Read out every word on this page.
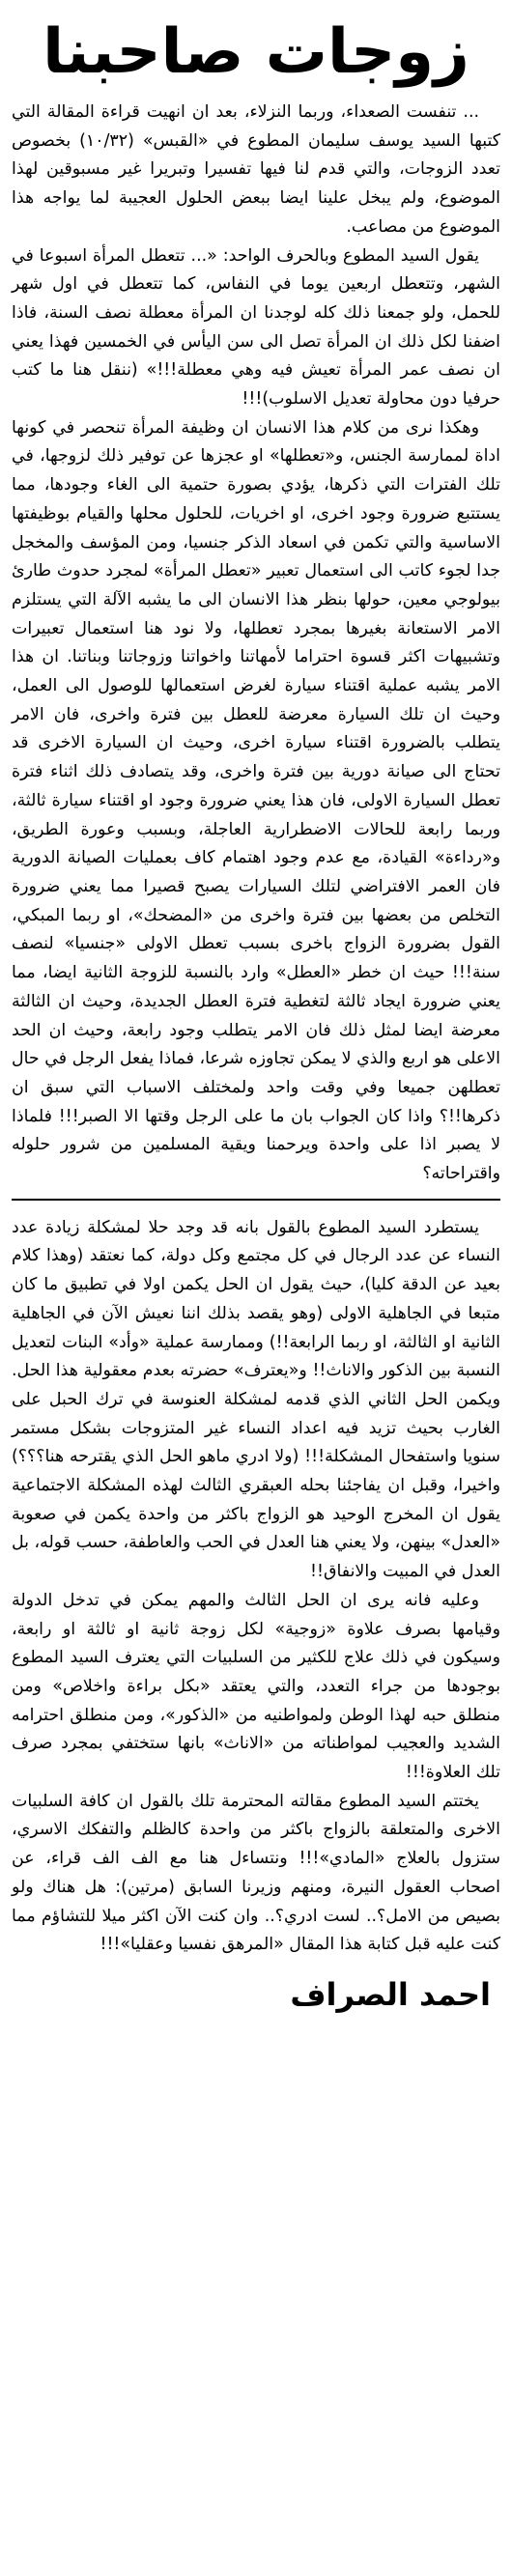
زوجات صاحبنا

... تنفست الصعداء، وربما النزلاء، بعد ان انهيت قراءة المقالة التي كتبها السيد يوسف سليمان المطوع في «القبس» (١٠/٣٢) بخصوص تعدد الزوجات، والتي قدم لنا فيها تفسيرا وتبريرا غير مسبوقين لهذا الموضوع، ولم يبخل علينا ايضا ببعض الحلول العجيبة لما يواجه هذا الموضوع من مصاعب.

يقول السيد المطوع وبالحرف الواحد: «... تتعطل المرأة اسبوعا في الشهر، وتتعطل اربعين يوما في النفاس، كما تتعطل في اول شهر للحمل، ولو جمعنا ذلك كله لوجدنا ان المرأة معطلة نصف السنة، فاذا اضفنا لكل ذلك ان المرأة تصل الى سن اليأس في الخمسين فهذا يعني ان نصف عمر المرأة تعيش فيه وهي معطلة!!!» (ننقل هنا ما كتب حرفيا دون محاولة تعديل الاسلوب)!!!

وهكذا نرى من كلام هذا الانسان ان وظيفة المرأة تنحصر في كونها اداة لممارسة الجنس، و«تعطلها» او عجزها عن توفير ذلك لزوجها، في تلك الفترات التي ذكرها، يؤدي بصورة حتمية الى الغاء وجودها، مما يستتبع ضرورة وجود اخرى، او اخريات، للحلول محلها والقيام بوظيفتها الاساسية والتي تكمن في اسعاد الذكر جنسيا، ومن المؤسف والمخجل جدا لجوء كاتب الى استعمال تعبير «تعطل المرأة» لمجرد حدوث طارئ بيولوجي معين، حولها بنظر هذا الانسان الى ما يشبه الآلة التي يستلزم الامر الاستعانة بغيرها بمجرد تعطلها، ولا نود هنا استعمال تعبيرات وتشبيهات اكثر قسوة احتراما لأمهاتنا واخواتنا وزوجاتنا وبناتنا. ان هذا الامر يشبه عملية اقتناء سيارة لغرض استعمالها للوصول الى العمل، وحيث ان تلك السيارة معرضة للعطل بين فترة واخرى، فان الامر يتطلب بالضرورة اقتناء سيارة اخرى، وحيث ان السيارة الاخرى قد تحتاج الى صيانة دورية بين فترة واخرى، وقد يتصادف ذلك اثناء فترة تعطل السيارة الاولى، فان هذا يعني ضرورة وجود او اقتناء سيارة ثالثة، وربما رابعة للحالات الاضطرارية العاجلة، وبسبب وعورة الطريق، و«رداءة» القيادة، مع عدم وجود اهتمام كاف بعمليات الصيانة الدورية فان العمر الافتراضي لتلك السيارات يصبح قصيرا مما يعني ضرورة التخلص من بعضها بين فترة واخرى من «المضحك»، او ربما المبكي، القول بضرورة الزواج باخرى بسبب تعطل الاولى «جنسيا» لنصف سنة!!! حيث ان خطر «العطل» وارد بالنسبة للزوجة الثانية ايضا، مما يعني ضرورة ايجاد ثالثة لتغطية فترة العطل الجديدة، وحيث ان الثالثة معرضة ايضا لمثل ذلك فان الامر يتطلب وجود رابعة، وحيث ان الحد الاعلى هو اربع والذي لا يمكن تجاوزه شرعا، فماذا يفعل الرجل في حال تعطلهن جميعا وفي وقت واحد ولمختلف الاسباب التي سبق ان ذكرها!!؟ واذا كان الجواب بان ما على الرجل وقتها الا الصبر!!! فلماذا لا يصبر اذا على واحدة ويرحمنا ويقية المسلمين من شرور حلوله واقتراحاته؟

يستطرد السيد المطوع بالقول بانه قد وجد حلا لمشكلة زيادة عدد النساء عن عدد الرجال في كل مجتمع وكل دولة، كما نعتقد (وهذا كلام بعيد عن الدقة كليا)، حيث يقول ان الحل يكمن اولا في تطبيق ما كان متبعا في الجاهلية الاولى (وهو يقصد بذلك اننا نعيش الآن في الجاهلية الثانية او الثالثة، او ربما الرابعة!!) وممارسة عملية «وأد» البنات لتعديل النسبة بين الذكور والاناث!! و«يعترف» حضرته بعدم معقولية هذا الحل. ويكمن الحل الثاني الذي قدمه لمشكلة العنوسة في ترك الحبل على الغارب بحيث تزيد فيه اعداد النساء غير المتزوجات بشكل مستمر سنويا واستفحال المشكلة!!! (ولا ادري ماهو الحل الذي يقترحه هنا؟؟؟) واخيرا، وقبل ان يفاجئنا بحله العبقري الثالث لهذه المشكلة الاجتماعية يقول ان المخرج الوحيد هو الزواج باكثر من واحدة يكمن في صعوبة «العدل» بينهن، ولا يعني هنا العدل في الحب والعاطفة، حسب قوله، بل العدل في المبيت والانفاق!!

وعليه فانه يرى ان الحل الثالث والمهم يمكن في تدخل الدولة وقيامها بصرف علاوة «زوجية» لكل زوجة ثانية او ثالثة او رابعة، وسيكون في ذلك علاج للكثير من السلبيات التي يعترف السيد المطوع بوجودها من جراء التعدد، والتي يعتقد «بكل براءة واخلاص» ومن منطلق حبه لهذا الوطن ولمواطنيه من «الذكور»، ومن منطلق احترامه الشديد والعجيب لمواطناته من «الاناث» بانها ستختفي بمجرد صرف تلك العلاوة!!!

يختتم السيد المطوع مقالته المحترمة تلك بالقول ان كافة السلبيات الاخرى والمتعلقة بالزواج باكثر من واحدة كالظلم والتفكك الاسري، ستزول بالعلاج «المادي»!!! ونتساءل هنا مع الف الف قراء، عن اصحاب العقول النيرة، ومنهم وزيرنا السابق (مرتين): هل هناك ولو بصيص من الامل؟.. لست ادري؟.. وان كنت الآن اكثر ميلا للتشاؤم مما كنت عليه قبل كتابة هذا المقال «المرهق نفسيا وعقليا»!!!

احمد الصراف
